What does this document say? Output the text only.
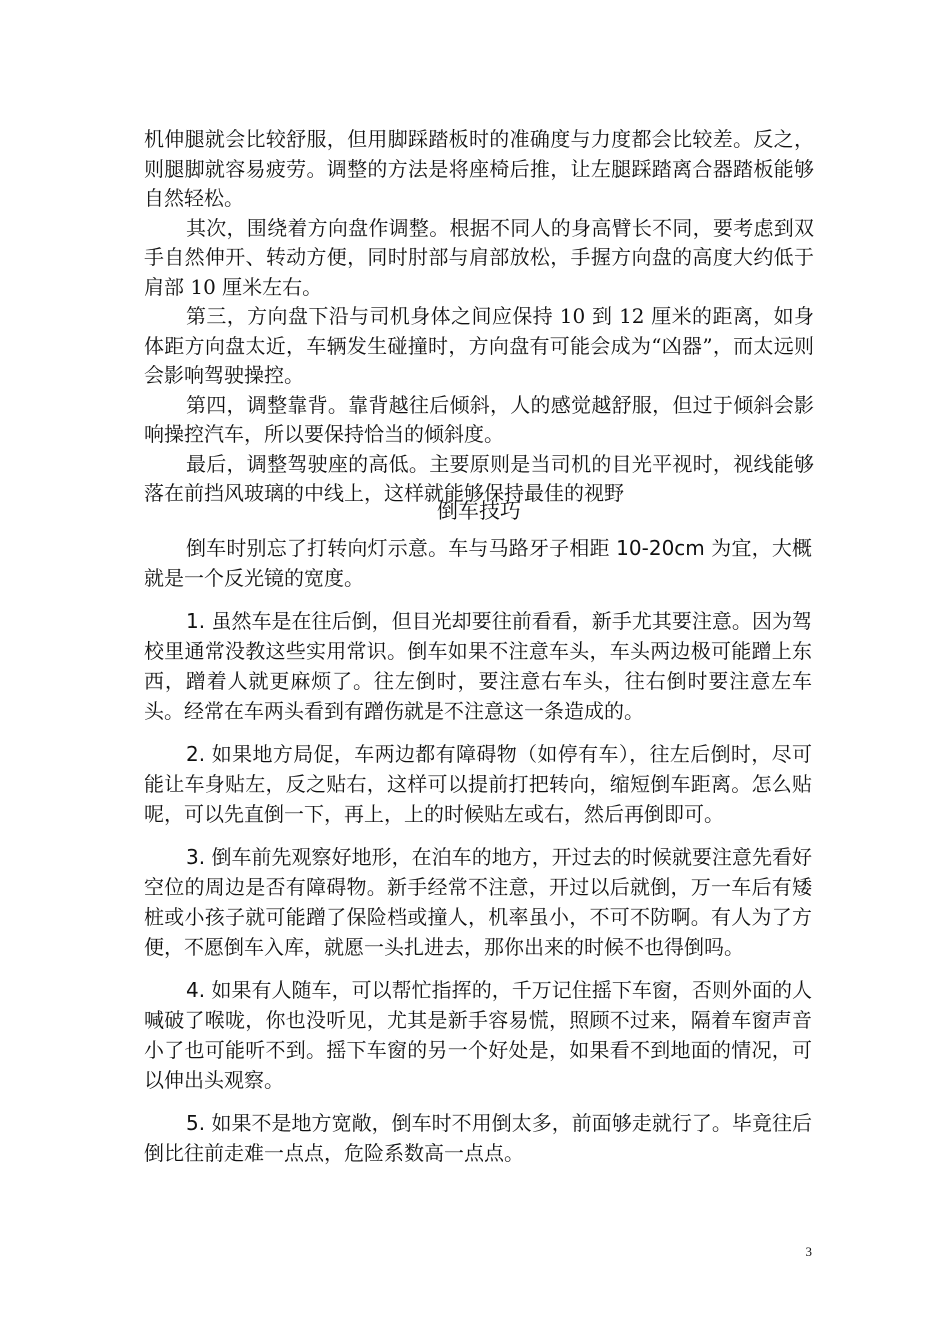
机伸腿就会比较舒服，但用脚踩踏板时的准确度与力度都会比较差。反之，则腿脚就容易疲劳。调整的方法是将座椅后推，让左腿踩踏离合器踏板能够自然轻松。

其次，围绕着方向盘作调整。根据不同人的身高臂长不同，要考虑到双手自然伸开、转动方便，同时肘部与肩部放松，手握方向盘的高度大约低于肩部 10 厘米左右。

第三，方向盘下沿与司机身体之间应保持 10 到 12 厘米的距离，如身体距方向盘太近，车辆发生碰撞时，方向盘有可能会成为“凶器”，而太远则会影响驾驶操控。

第四，调整靠背。靠背越往后倾斜，人的感觉越舒服，但过于倾斜会影响操控汽车，所以要保持恰当的倾斜度。

最后，调整驾驶座的高低。主要原则是当司机的目光平视时，视线能够落在前挡风玻璃的中线上，这样就能够保持最佳的视野

倒车技巧

倒车时别忘了打转向灯示意。车与马路牙子相距 10-20cm 为宜，大概就是一个反光镜的宽度。

1. 虽然车是在往后倒，但目光却要往前看看，新手尤其要注意。因为驾校里通常没教这些实用常识。倒车如果不注意车头，车头两边极可能蹭上东西，蹭着人就更麻烦了。往左倒时，要注意右车头，往右倒时要注意左车头。经常在车两头看到有蹭伤就是不注意这一条造成的。

2. 如果地方局促，车两边都有障碍物（如停有车），往左后倒时，尽可能让车身贴左，反之贴右，这样可以提前打把转向，缩短倒车距离。怎么贴呢，可以先直倒一下，再上，上的时候贴左或右，然后再倒即可。

3. 倒车前先观察好地形，在泊车的地方，开过去的时候就要注意先看好空位的周边是否有障碍物。新手经常不注意，开过以后就倒，万一车后有矮桩或小孩子就可能蹭了保险档或撞人，机率虽小，不可不防啊。有人为了方便，不愿倒车入库，就愿一头扎进去，那你出来的时候不也得倒吗。

4. 如果有人随车，可以帮忙指挥的，千万记住摇下车窗，否则外面的人喊破了喉咙，你也没听见，尤其是新手容易慌，照顾不过来，隔着车窗声音小了也可能听不到。摇下车窗的另一个好处是，如果看不到地面的情况，可以伸出头观察。

5. 如果不是地方宽敞，倒车时不用倒太多，前面够走就行了。毕竟往后倒比往前走难一点点，危险系数高一点点。

3
